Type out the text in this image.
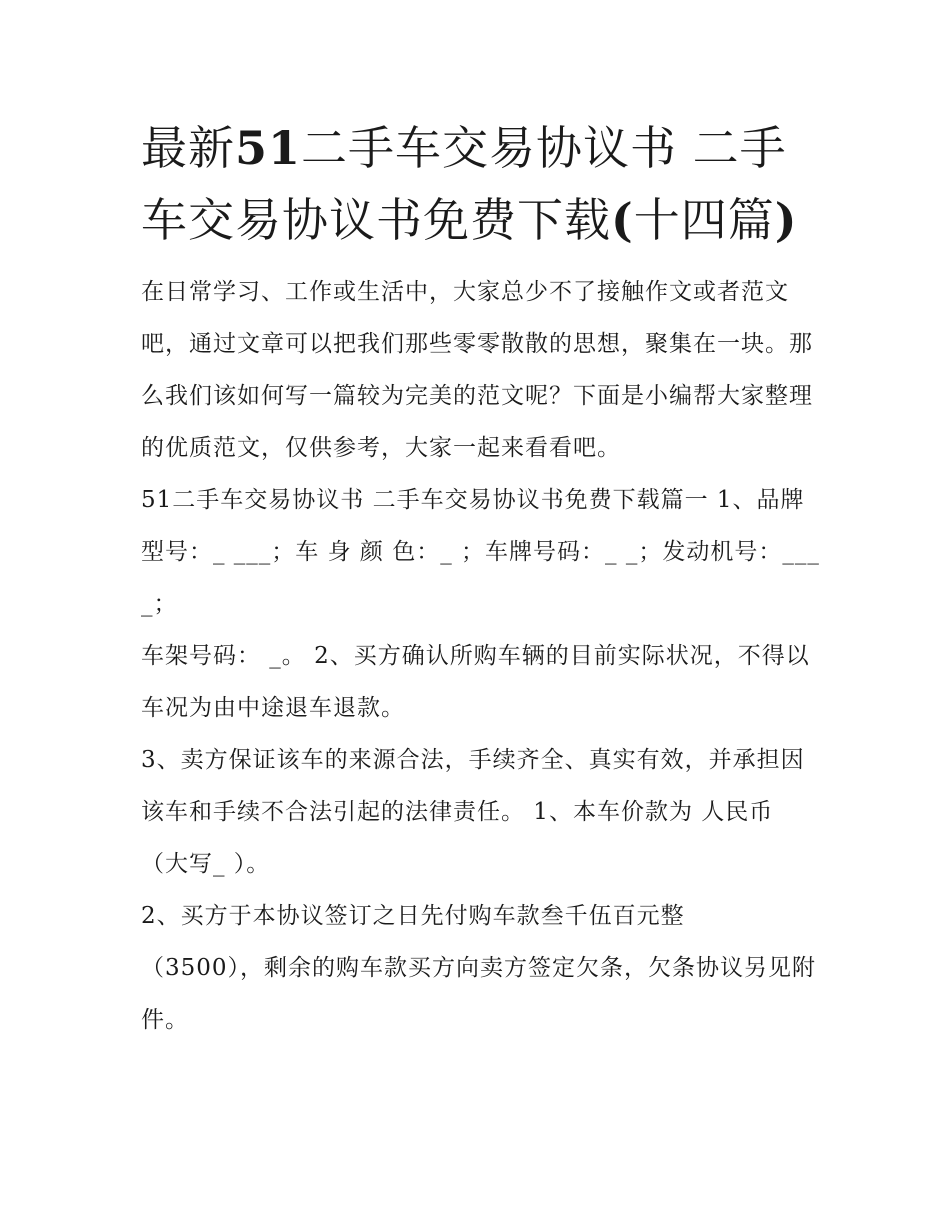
最新51二手车交易协议书 二手车交易协议书免费下载(十四篇)

在日常学习、工作或生活中，大家总少不了接触作文或者范文吧，通过文章可以把我们那些零零散散的思想，聚集在一块。那么我们该如何写一篇较为完美的范文呢？下面是小编帮大家整理的优质范文，仅供参考，大家一起来看看吧。

51二手车交易协议书 二手车交易协议书免费下载篇一 1、品牌型号：_ ___；车 身 颜 色：_ ；车牌号码：_ _；发动机号：____；

车架号码： _。 2、买方确认所购车辆的目前实际状况，不得以车况为由中途退车退款。

3、卖方保证该车的来源合法，手续齐全、真实有效，并承担因该车和手续不合法引起的法律责任。 1、本车价款为 人民币（大写_ ）。

2、买方于本协议签订之日先付购车款叁千伍百元整

（3500），剩余的购车款买方向卖方签定欠条，欠条协议另见附件。
